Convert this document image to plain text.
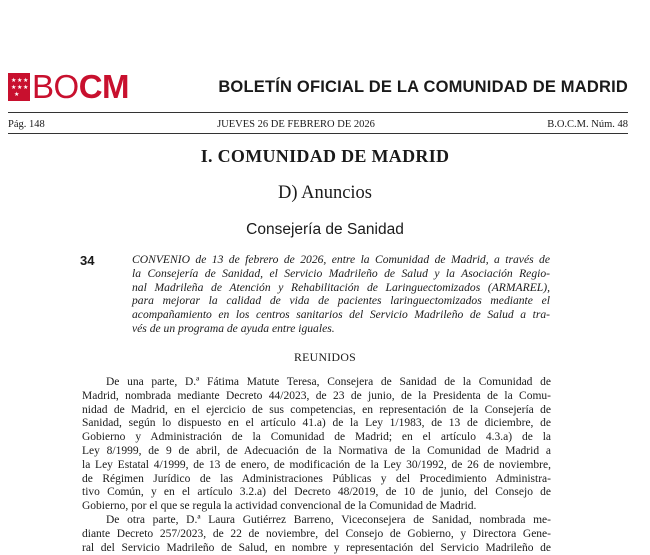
★ ★ ★
★ ★ ★
★ BOCM	BOLETÍN OFICIAL DE LA COMUNIDAD DE MADRID
Pág. 148	JUEVES 26 DE FEBRERO DE 2026	B.O.C.M. Núm. 48
I. COMUNIDAD DE MADRID
D) Anuncios
Consejería de Sanidad
34	CONVENIO de 13 de febrero de 2026, entre la Comunidad de Madrid, a través de
la Consejería de Sanidad, el Servicio Madrileño de Salud y la Asociación Regio-
nal Madrileña de Atención y Rehabilitación de Laringuectomizados (ARMAREL),
para mejorar la calidad de vida de pacientes laringuectomizados mediante el
acompañamiento en los centros sanitarios del Servicio Madrileño de Salud a tra-
vés de un programa de ayuda entre iguales.
REUNIDOS
De una parte, D.ª Fátima Matute Teresa, Consejera de Sanidad de la Comunidad de
Madrid, nombrada mediante Decreto 44/2023, de 23 de junio, de la Presidenta de la Comu-
nidad de Madrid, en el ejercicio de sus competencias, en representación de la Consejería de
Sanidad, según lo dispuesto en el artículo 41.a) de la Ley 1/1983, de 13 de diciembre, de
Gobierno y Administración de la Comunidad de Madrid; en el artículo 4.3.a) de la
Ley 8/1999, de 9 de abril, de Adecuación de la Normativa de la Comunidad de Madrid a
la Ley Estatal 4/1999, de 13 de enero, de modificación de la Ley 30/1992, de 26 de noviembre,
de Régimen Jurídico de las Administraciones Públicas y del Procedimiento Administra-
tivo Común, y en el artículo 3.2.a) del Decreto 48/2019, de 10 de junio, del Consejo de
Gobierno, por el que se regula la actividad convencional de la Comunidad de Madrid.
De otra parte, D.ª Laura Gutiérrez Barreno, Viceconsejera de Sanidad, nombrada me-
diante Decreto 257/2023, de 22 de noviembre, del Consejo de Gobierno, y Directora Gene-
ral del Servicio Madrileño de Salud, en nombre y representación del Servicio Madrileño de
